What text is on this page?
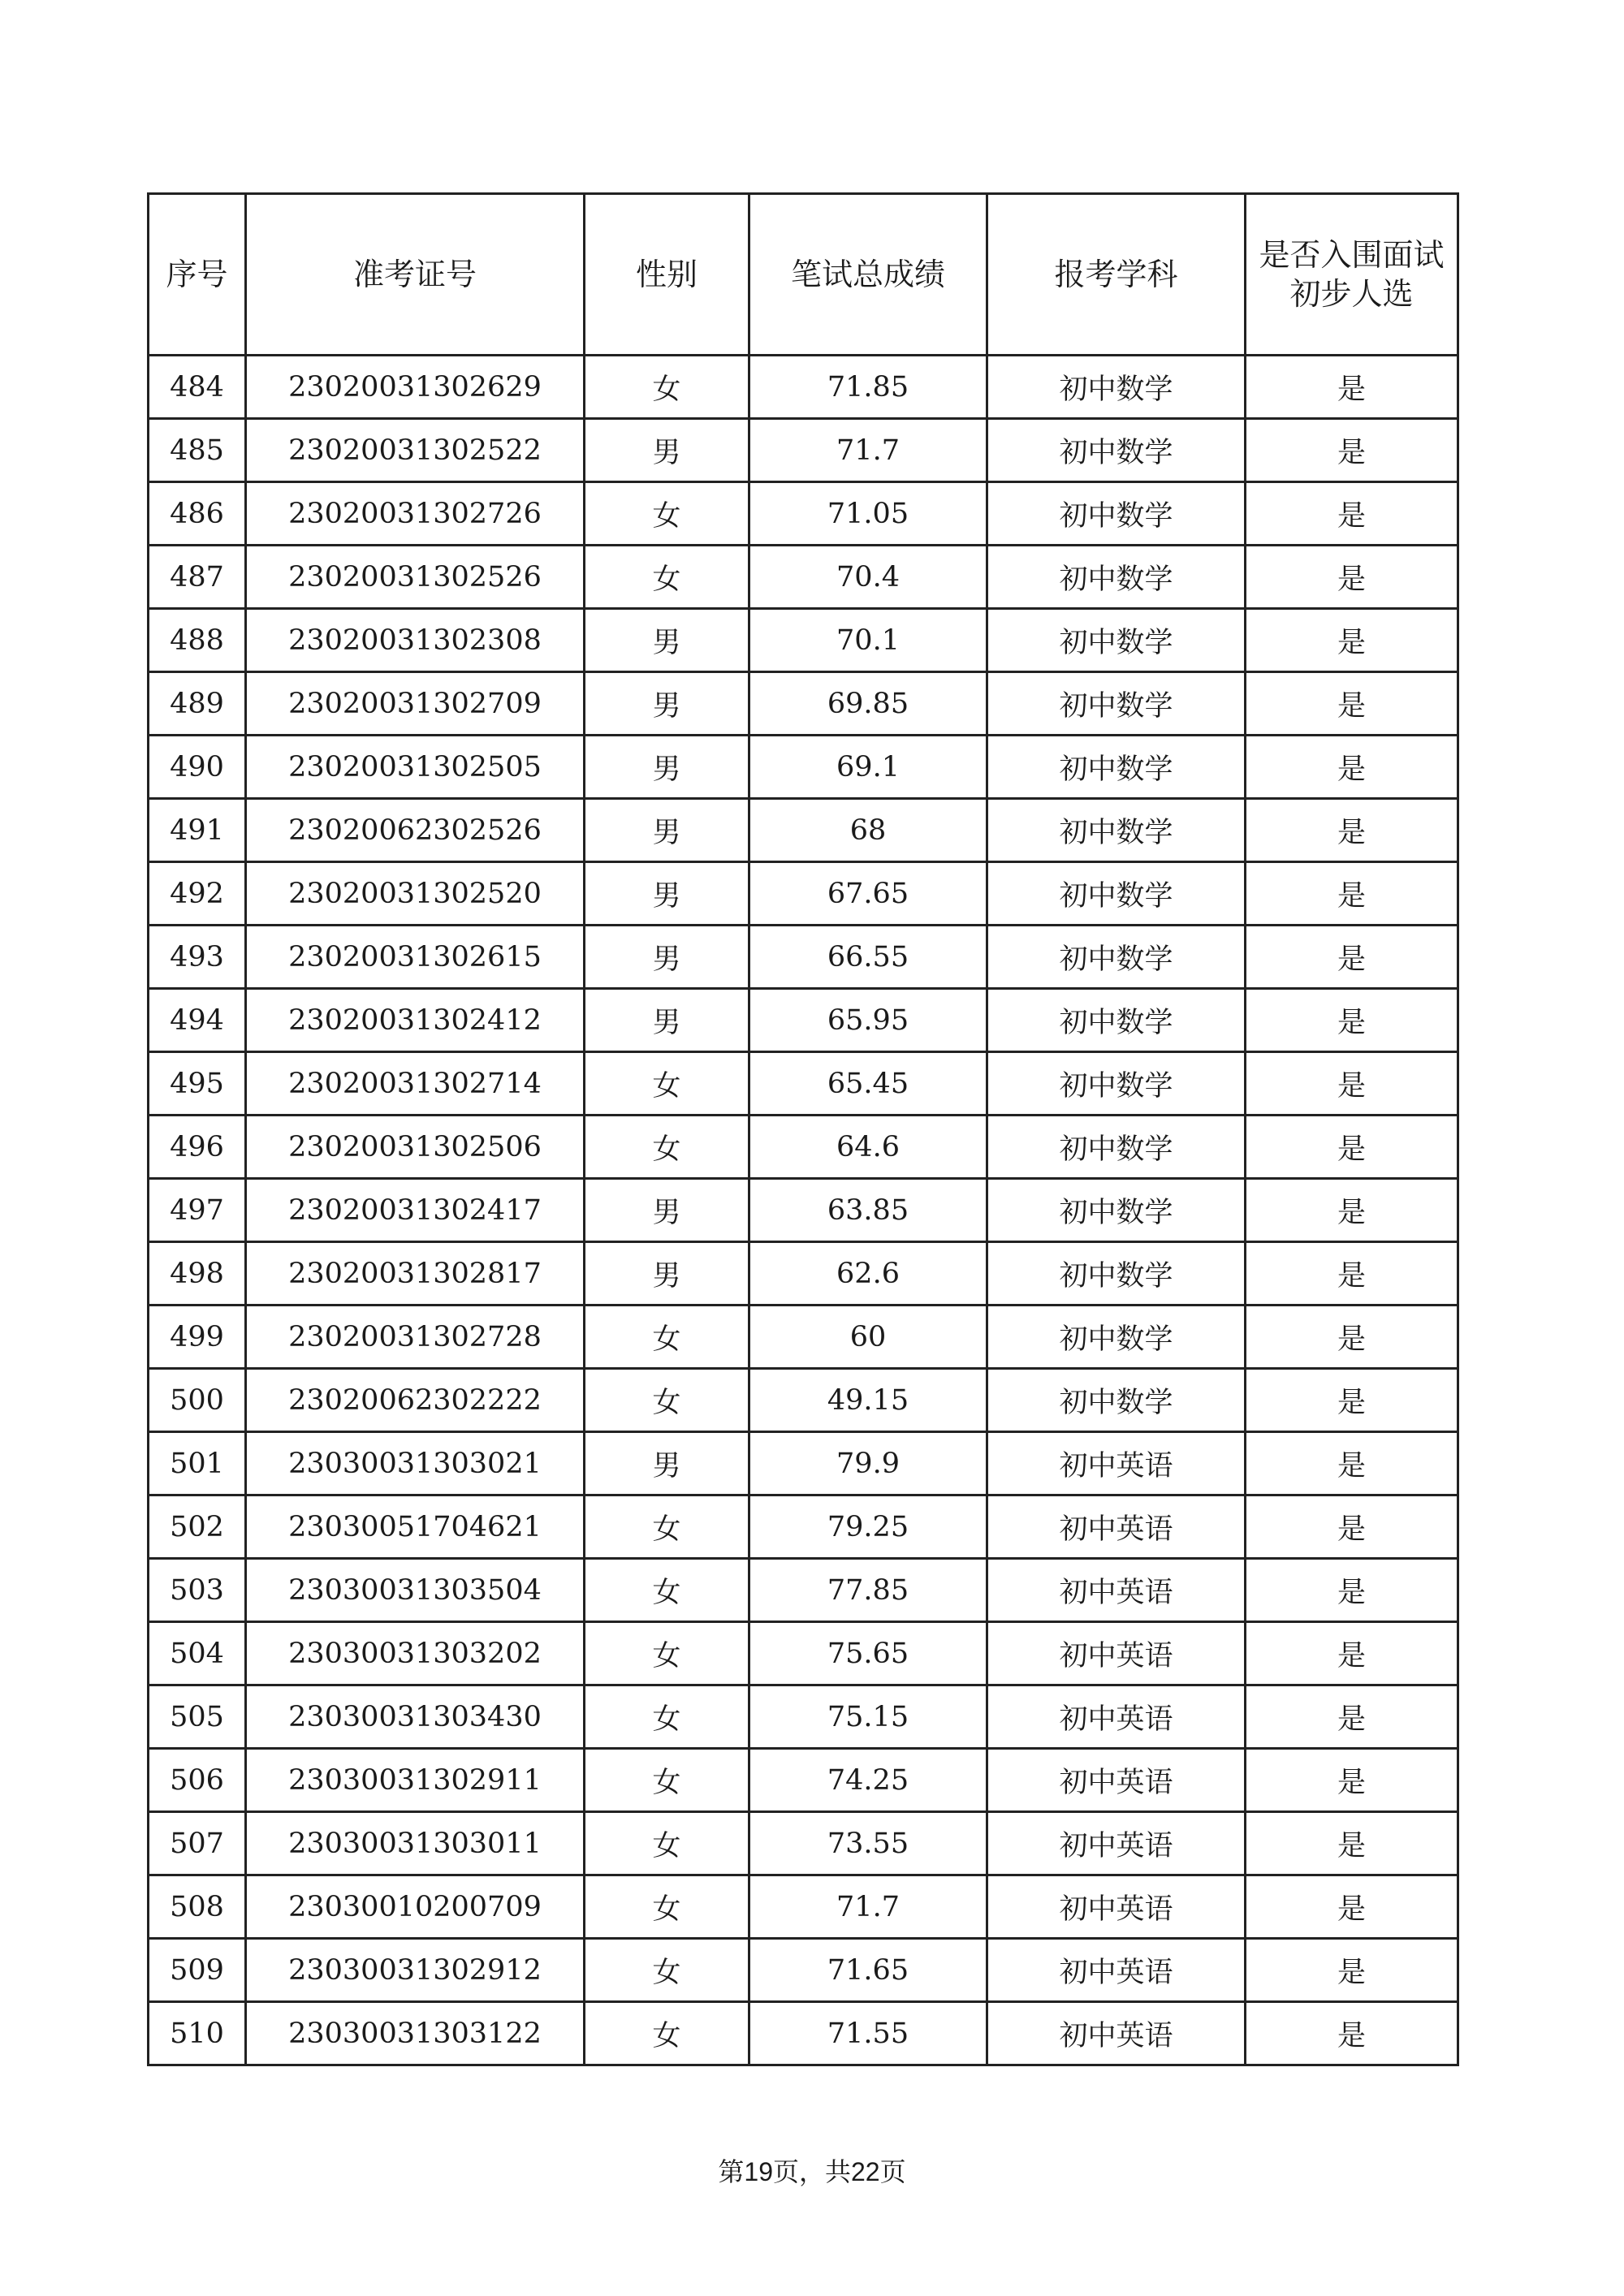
序号	准考证号	性别	笔试总成绩	报考学科	是否入围面试初步人选
484	23020031302629	女	71.85	初中数学	是
485	23020031302522	男	71.7	初中数学	是
486	23020031302726	女	71.05	初中数学	是
487	23020031302526	女	70.4	初中数学	是
488	23020031302308	男	70.1	初中数学	是
489	23020031302709	男	69.85	初中数学	是
490	23020031302505	男	69.1	初中数学	是
491	23020062302526	男	68	初中数学	是
492	23020031302520	男	67.65	初中数学	是
493	23020031302615	男	66.55	初中数学	是
494	23020031302412	男	65.95	初中数学	是
495	23020031302714	女	65.45	初中数学	是
496	23020031302506	女	64.6	初中数学	是
497	23020031302417	男	63.85	初中数学	是
498	23020031302817	男	62.6	初中数学	是
499	23020031302728	女	60	初中数学	是
500	23020062302222	女	49.15	初中数学	是
501	23030031303021	男	79.9	初中英语	是
502	23030051704621	女	79.25	初中英语	是
503	23030031303504	女	77.85	初中英语	是
504	23030031303202	女	75.65	初中英语	是
505	23030031303430	女	75.15	初中英语	是
506	23030031302911	女	74.25	初中英语	是
507	23030031303011	女	73.55	初中英语	是
508	23030010200709	女	71.7	初中英语	是
509	23030031302912	女	71.65	初中英语	是
510	23030031303122	女	71.55	初中英语	是
第19页，共22页
